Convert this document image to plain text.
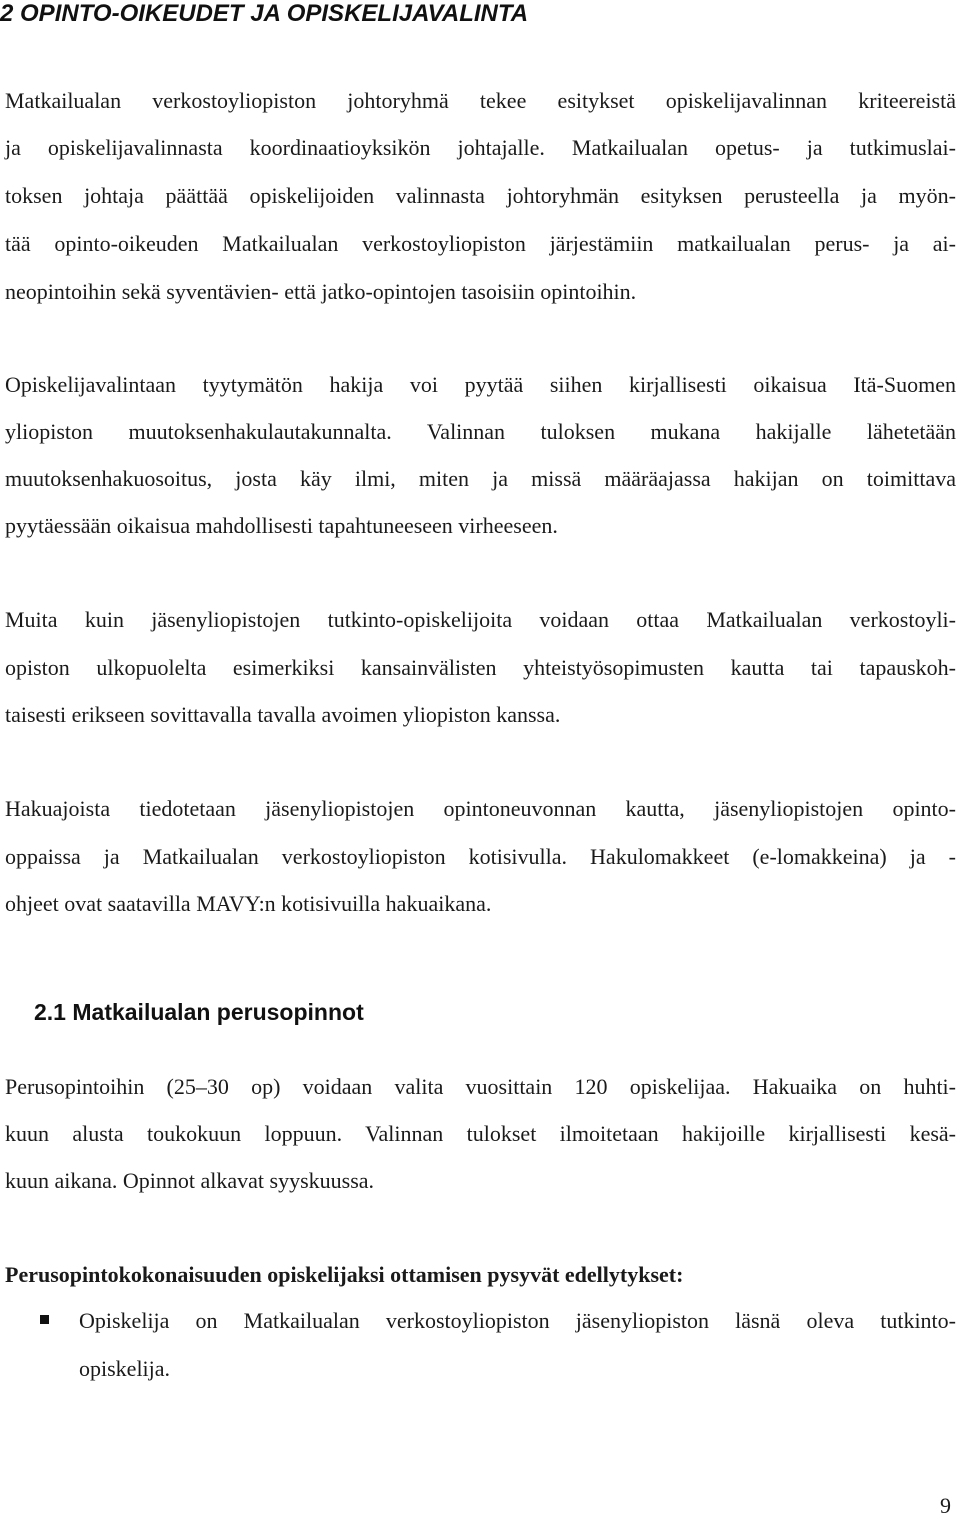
2 OPINTO-OIKEUDET JA OPISKELIJAVALINTA
Matkailualan verkostoyliopiston johtoryhmä tekee esitykset opiskelijavalinnan kriteereistä
ja opiskelijavalinnasta koordinaatioyksikön johtajalle. Matkailualan opetus- ja tutkimuslai-
toksen johtaja päättää opiskelijoiden valinnasta johtoryhmän esityksen perusteella ja myön-
tää opinto-oikeuden Matkailualan verkostoyliopiston järjestämiin matkailualan perus- ja ai-
neopintoihin sekä syventävien- että jatko-opintojen tasoisiin opintoihin.
Opiskelijavalintaan tyytymätön hakija voi pyytää siihen kirjallisesti oikaisua Itä-Suomen
yliopiston muutoksenhakulautakunnalta. Valinnan tuloksen mukana hakijalle lähetetään
muutoksenhakuosoitus, josta käy ilmi, miten ja missä määräajassa hakijan on toimittava
pyytäessään oikaisua mahdollisesti tapahtuneeseen virheeseen.
Muita kuin jäsenyliopistojen tutkinto-opiskelijoita voidaan ottaa Matkailualan verkostoyli-
opiston ulkopuolelta esimerkiksi kansainvälisten yhteistyösopimusten kautta tai tapauskoh-
taisesti erikseen sovittavalla tavalla avoimen yliopiston kanssa.
Hakuajoista tiedotetaan jäsenyliopistojen opintoneuvonnan kautta, jäsenyliopistojen opinto-
oppaissa ja Matkailualan verkostoyliopiston kotisivulla. Hakulomakkeet (e-lomakkeina) ja -
ohjeet ovat saatavilla MAVY:n kotisivuilla hakuaikana.
2.1 Matkailualan perusopinnot
Perusopintoihin (25–30 op) voidaan valita vuosittain 120 opiskelijaa. Hakuaika on huhti-
kuun alusta toukokuun loppuun. Valinnan tulokset ilmoitetaan hakijoille kirjallisesti kesä-
kuun aikana. Opinnot alkavat syyskuussa.
Perusopintokokonaisuuden opiskelijaksi ottamisen pysyvät edellytykset:
Opiskelija on Matkailualan verkostoyliopiston jäsenyliopiston läsnä oleva tutkinto-
opiskelija.
9
